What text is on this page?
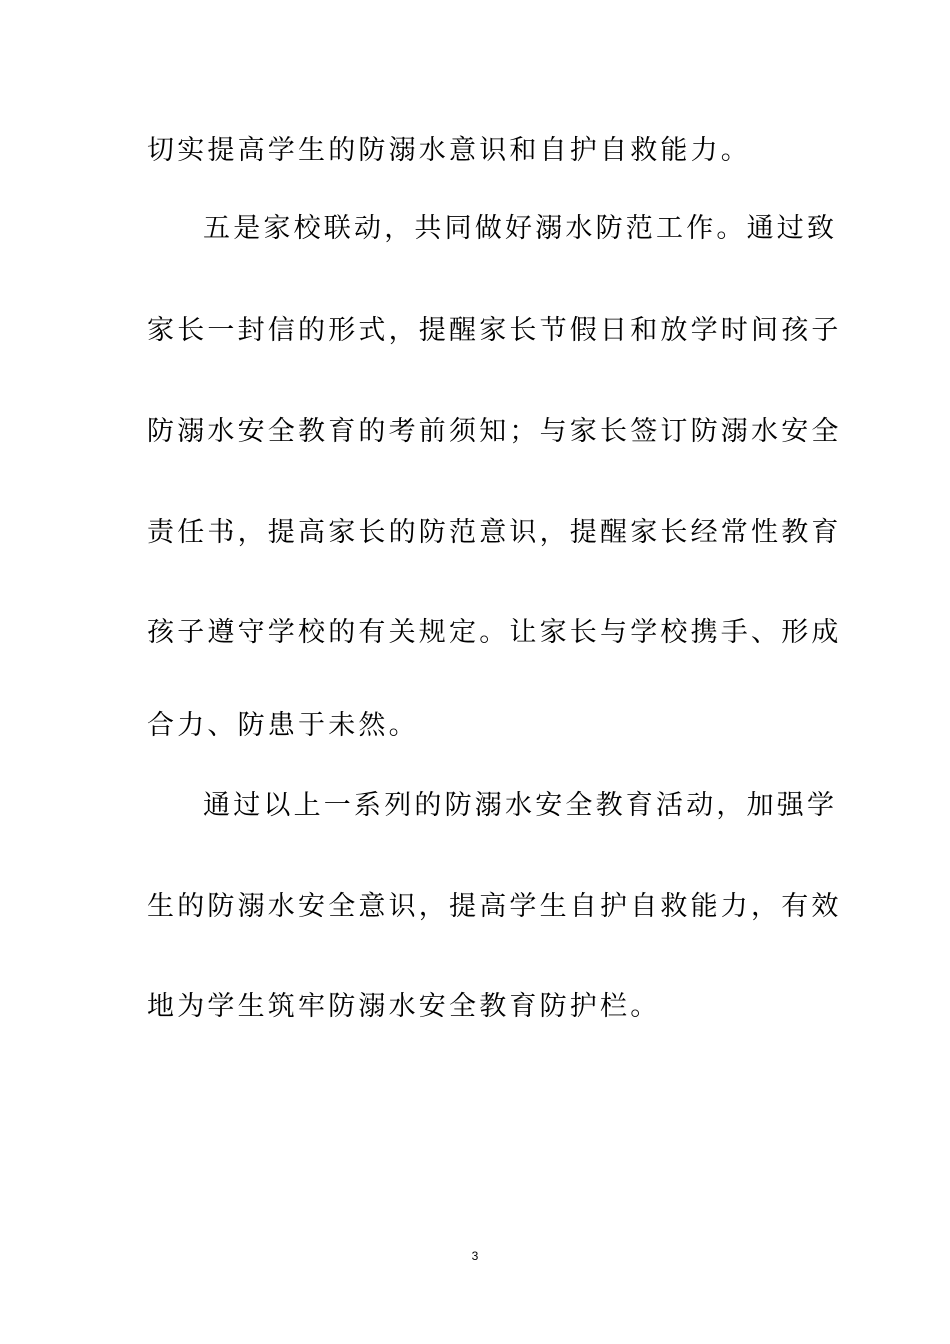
切实提高学生的防溺水意识和自护自救能力。
五是家校联动，共同做好溺水防范工作。通过致
家长一封信的形式，提醒家长节假日和放学时间孩子
防溺水安全教育的考前须知；与家长签订防溺水安全
责任书，提高家长的防范意识，提醒家长经常性教育
孩子遵守学校的有关规定。让家长与学校携手、形成
合力、防患于未然。
通过以上一系列的防溺水安全教育活动，加强学
生的防溺水安全意识，提高学生自护自救能力，有效
地为学生筑牢防溺水安全教育防护栏。
3
